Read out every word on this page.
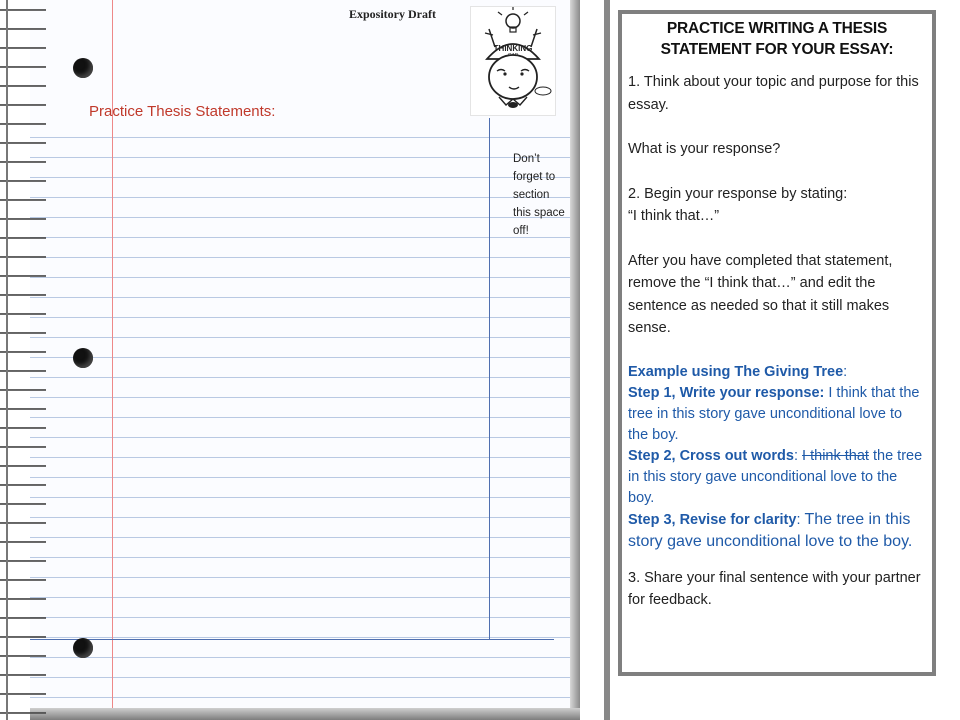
Expository Draft
THINKING
Practice Thesis Statements:
Don’t forget to section this space off!
PRACTICE WRITING A THESIS STATEMENT FOR YOUR ESSAY:

1. Think about your topic and purpose for this essay.

What is your response?

2. Begin your response by stating:

“I think that…”

After you have completed that statement, remove the “I think that…” and edit the sentence as needed so that it still makes sense.

Example using The Giving Tree:

Step 1, Write your response: I think that the tree in this story gave unconditional love to the boy.

Step 2, Cross out words: I think that the tree in this story gave unconditional love to the boy.

Step 3, Revise for clarity: The tree in this story gave unconditional love to the boy.

3. Share your final sentence with your partner for feedback.
